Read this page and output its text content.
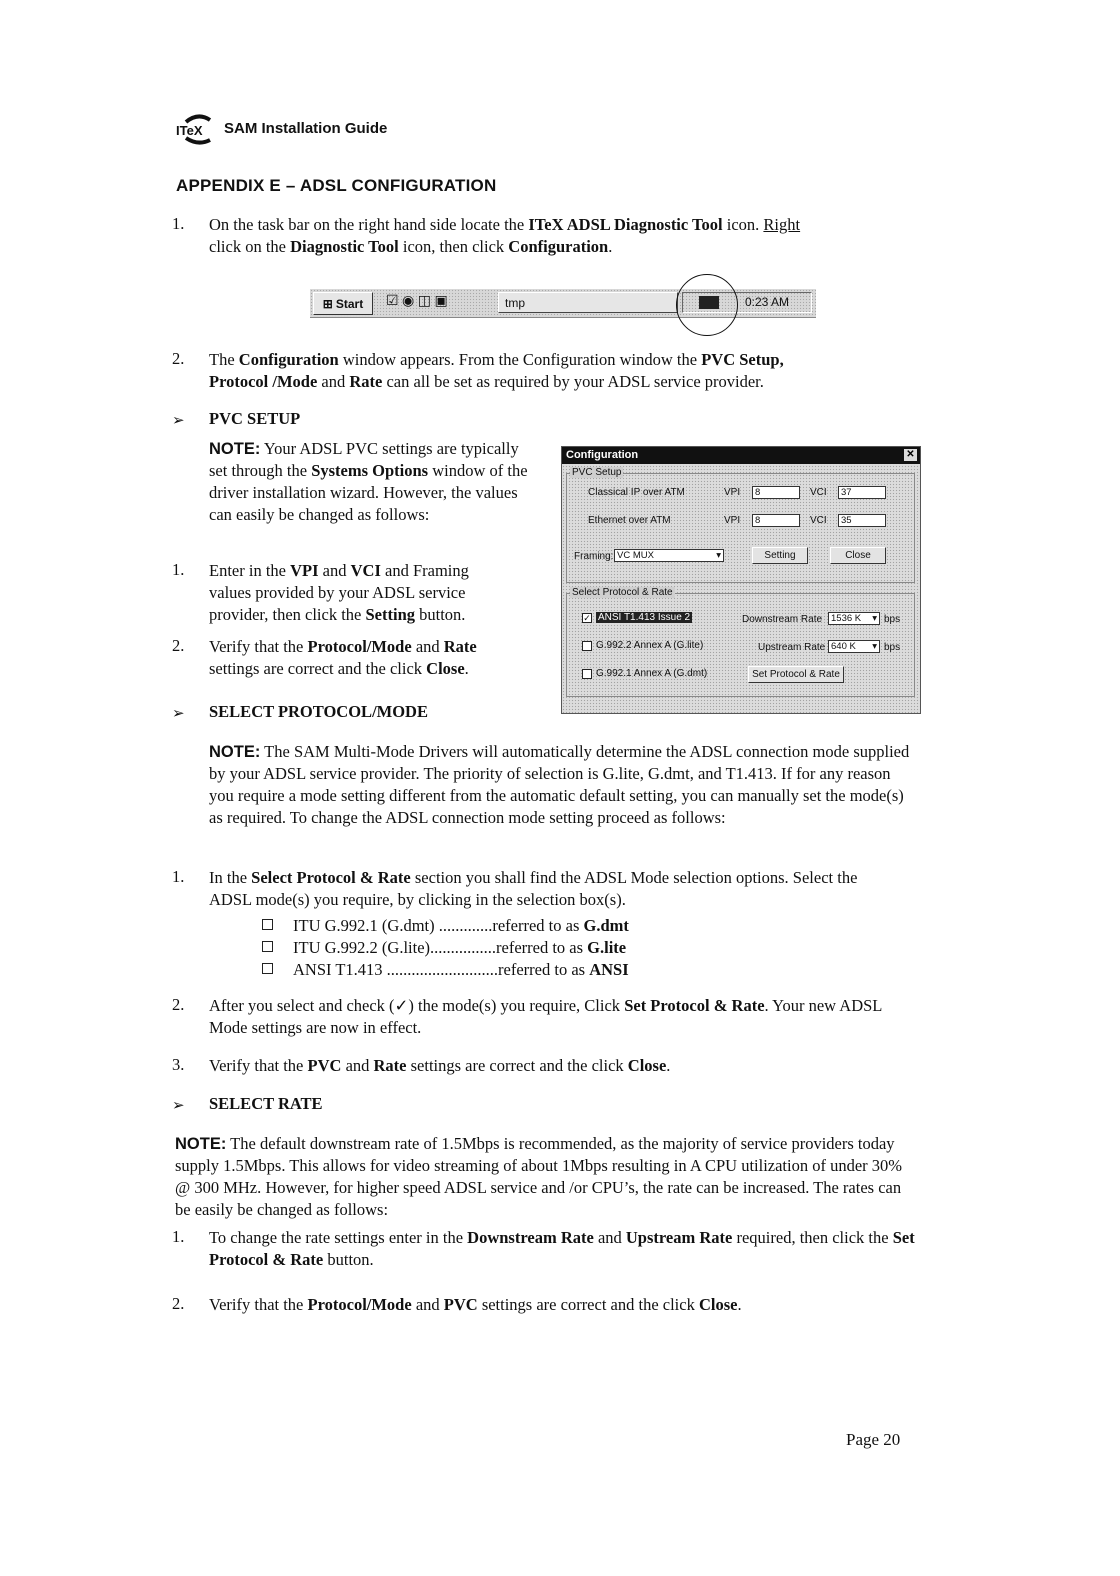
ITeX SAM Installation Guide
APPENDIX E – ADSL CONFIGURATION
1. On the task bar on the right hand side locate the ITeX ADSL Diagnostic Tool icon. Right
click on the Diagnostic Tool icon, then click Configuration.
⊞ Start ☑ ◉ ◫ ▣	tmp	0:23 AM
2. The Configuration window appears. From the Configuration window the PVC Setup,
Protocol /Mode and Rate can all be set as required by your ADSL service provider.
➢ PVC SETUP
NOTE: Your ADSL PVC settings are typically set through the Systems Options window of the driver installation wizard. However, the values can easily be changed as follows:
1. Enter in the VPI and VCI and Framing values provided by your ADSL service provider, then click the Setting button.
2. Verify that the Protocol/Mode and Rate settings are correct and the click Close.
Configuration	✕
PVC Setup
Classical IP over ATM	VPI	8	VCI	37
Ethernet over ATM	VPI	8	VCI	35
Framing: VC MUX	▾	Setting	Close
Select Protocol & Rate
✓ ANSI T1.413 Issue 2
G.992.2 Annex A (G.lite)
G.992.1 Annex A (G.dmt)
Downstream Rate 1536 K ▾ bps
Upstream Rate 640 K ▾ bps
Set Protocol & Rate
➢ SELECT PROTOCOL/MODE
NOTE: The SAM Multi-Mode Drivers will automatically determine the ADSL connection mode supplied by your ADSL service provider. The priority of selection is G.lite, G.dmt, and T1.413. If for any reason you require a mode setting different from the automatic default setting, you can manually set the mode(s) as required. To change the ADSL connection mode setting proceed as follows:
1. In the Select Protocol & Rate section you shall find the ADSL Mode selection options. Select the ADSL mode(s) you require, by clicking in the selection box(s).
ITU G.992.1 (G.dmt) .............referred to as G.dmt
ITU G.992.2 (G.lite)................referred to as G.lite
ANSI T1.413 ...........................referred to as ANSI
2. After you select and check (✓) the mode(s) you require, Click Set Protocol & Rate. Your new ADSL Mode settings are now in effect.
3. Verify that the PVC and Rate settings are correct and the click Close.
➢ SELECT RATE
NOTE: The default downstream rate of 1.5Mbps is recommended, as the majority of service providers today supply 1.5Mbps. This allows for video streaming of about 1Mbps resulting in A CPU utilization of under 30% @ 300 MHz. However, for higher speed ADSL service and /or CPU’s, the rate can be increased. The rates can be easily be changed as follows:
1. To change the rate settings enter in the Downstream Rate and Upstream Rate required, then click the Set Protocol & Rate button.
2. Verify that the Protocol/Mode and PVC settings are correct and the click Close.
Page 20
